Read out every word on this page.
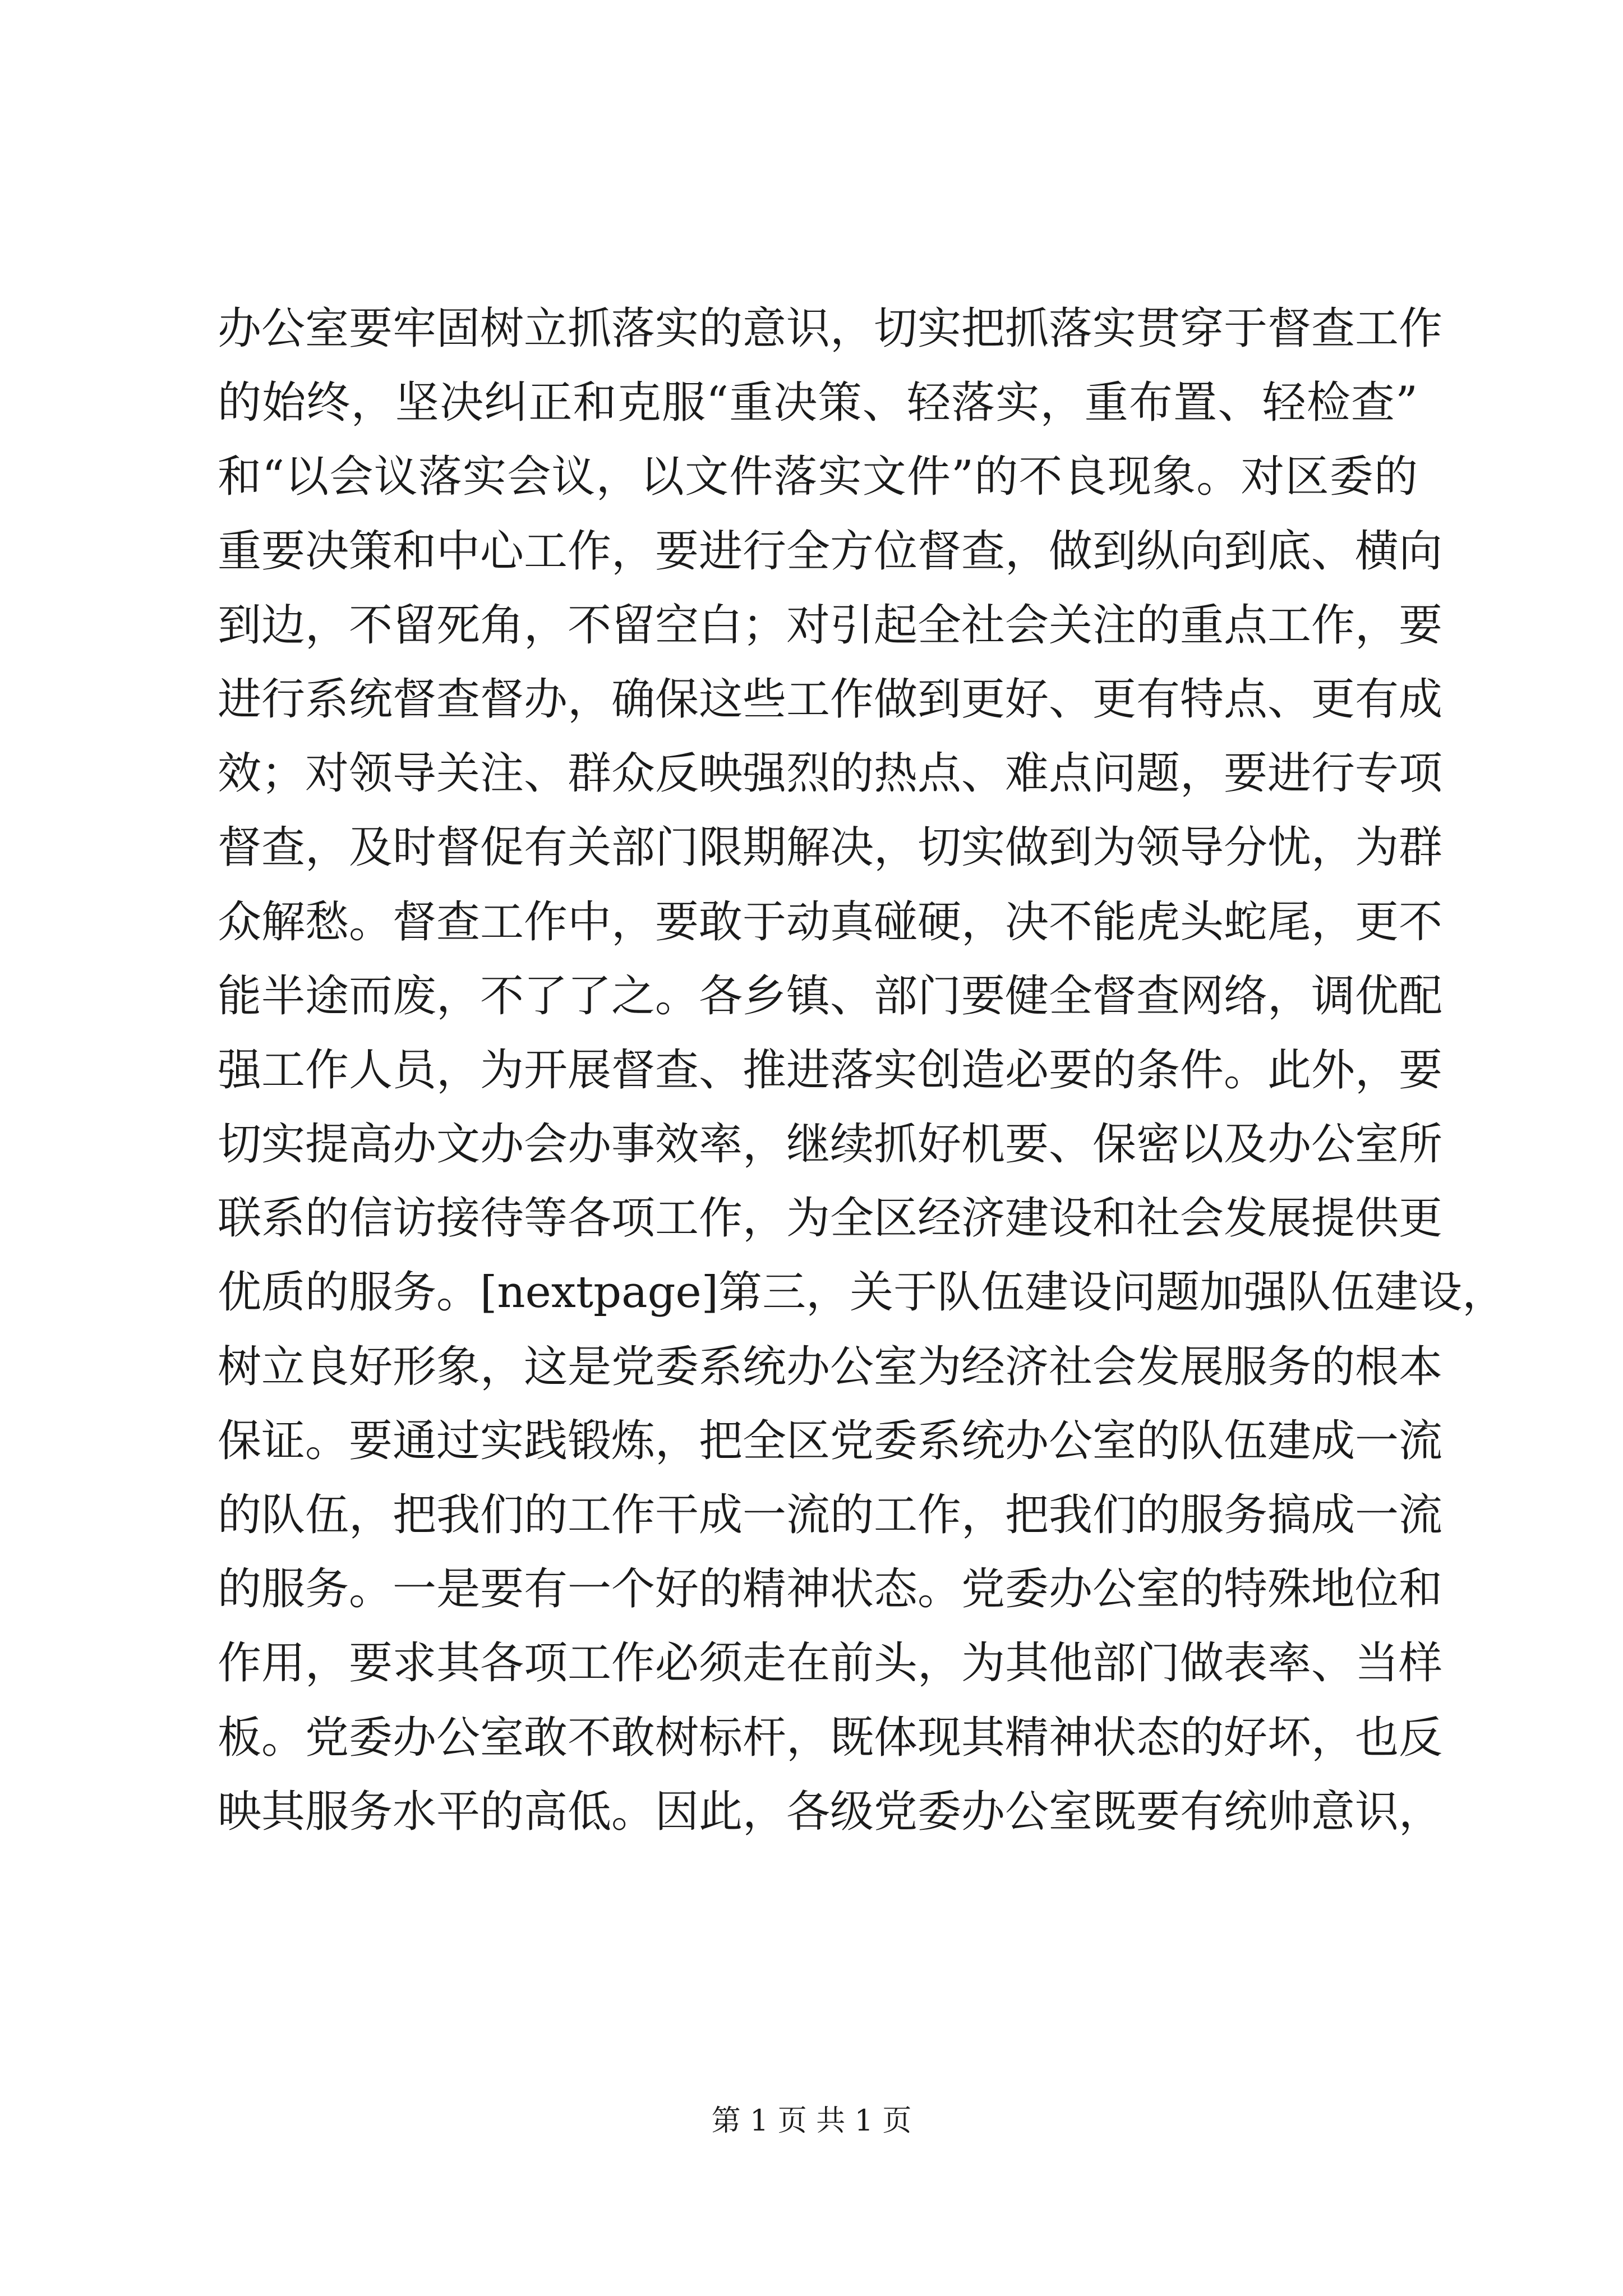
办公室要牢固树立抓落实的意识，切实把抓落实贯穿于督查工作
的始终，坚决纠正和克服“重决策、轻落实，重布置、轻检查”
和“以会议落实会议，以文件落实文件”的不良现象。对区委的
重要决策和中心工作，要进行全方位督查，做到纵向到底、横向
到边，不留死角，不留空白；对引起全社会关注的重点工作，要
进行系统督查督办，确保这些工作做到更好、更有特点、更有成
效；对领导关注、群众反映强烈的热点、难点问题，要进行专项
督查，及时督促有关部门限期解决，切实做到为领导分忧，为群
众解愁。督查工作中，要敢于动真碰硬，决不能虎头蛇尾，更不
能半途而废，不了了之。各乡镇、部门要健全督查网络，调优配
强工作人员，为开展督查、推进落实创造必要的条件。此外，要
切实提高办文办会办事效率，继续抓好机要、保密以及办公室所
联系的信访接待等各项工作，为全区经济建设和社会发展提供更
优质的服务。[nextpage]第三，关于队伍建设问题加强队伍建设，
树立良好形象，这是党委系统办公室为经济社会发展服务的根本
保证。要通过实践锻炼，把全区党委系统办公室的队伍建成一流
的队伍，把我们的工作干成一流的工作，把我们的服务搞成一流
的服务。一是要有一个好的精神状态。党委办公室的特殊地位和
作用，要求其各项工作必须走在前头，为其他部门做表率、当样
板。党委办公室敢不敢树标杆，既体现其精神状态的好坏，也反
映其服务水平的高低。因此，各级党委办公室既要有统帅意识，
第 1 页 共 1 页
